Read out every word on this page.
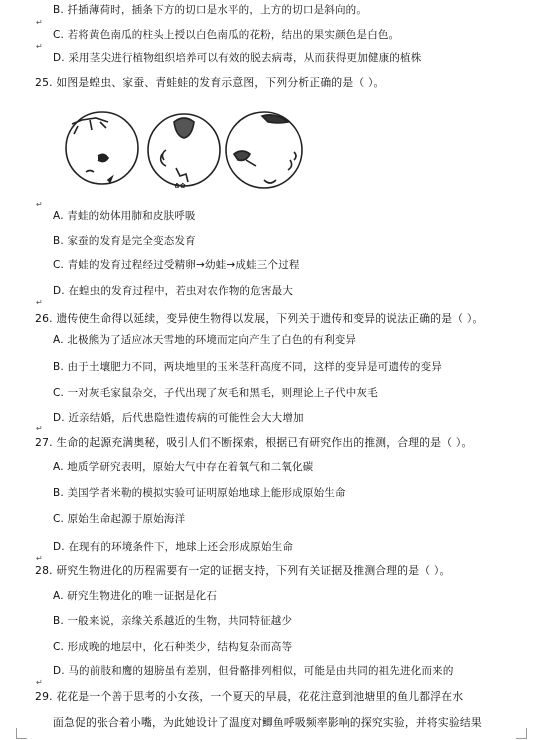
B. 扦插薄荷时，插条下方的切口是水平的，上方的切口是斜向的。
C. 若将黄色南瓜的柱头上授以白色南瓜的花粉，结出的果实颜色是白色。
D. 采用茎尖进行植物组织培养可以有效的脱去病毒，从而获得更加健康的植株
25. 如图是蝗虫、家蚕、青蛙蛙的发育示意图，下列分析正确的是（ ）。
✿✿
A. 青蛙的幼体用肺和皮肤呼吸
B. 家蚕的发育是完全变态发育
C. 青蛙的发育过程经过受精卵→幼蛙→成蛙三个过程
D. 在蝗虫的发育过程中，若虫对农作物的危害最大
26. 遗传使生命得以延续，变异使生物得以发展，下列关于遗传和变异的说法正确的是（ ）。
A. 北极熊为了适应冰天雪地的环境而定向产生了白色的有利变异
B. 由于土壤肥力不同，两块地里的玉米茎秆高度不同，这样的变异是可遗传的变异
C. 一对灰毛家鼠杂交，子代出现了灰毛和黑毛，则理论上子代中灰毛
D. 近亲结婚，后代患隐性遗传病的可能性会大大增加
27. 生命的起源充满奥秘，吸引人们不断探索，根据已有研究作出的推测，合理的是（ ）。
A. 地质学研究表明，原始大气中存在着氧气和二氧化碳
B. 美国学者米勒的模拟实验可证明原始地球上能形成原始生命
C. 原始生命起源于原始海洋
D. 在现有的环境条件下，地球上还会形成原始生命
28. 研究生物进化的历程需要有一定的证据支持，下列有关证据及推测合理的是（ ）。
A. 研究生物进化的唯一证据是化石
B. 一般来说，亲缘关系越近的生物，共同特征越少
C. 形成晚的地层中，化石种类少，结构复杂而高等
D. 马的前肢和鹰的翅膀虽有差别，但骨骼排列相似，可能是由共同的祖先进化而来的
29. 花花是一个善于思考的小女孩，一个夏天的早晨，花花注意到池塘里的鱼儿都浮在水
面急促的张合着小嘴，为此她设计了温度对鲫鱼呼吸频率影响的探究实验，并将实验结果
↵
↵
↵
↵
↵
↵
↵
